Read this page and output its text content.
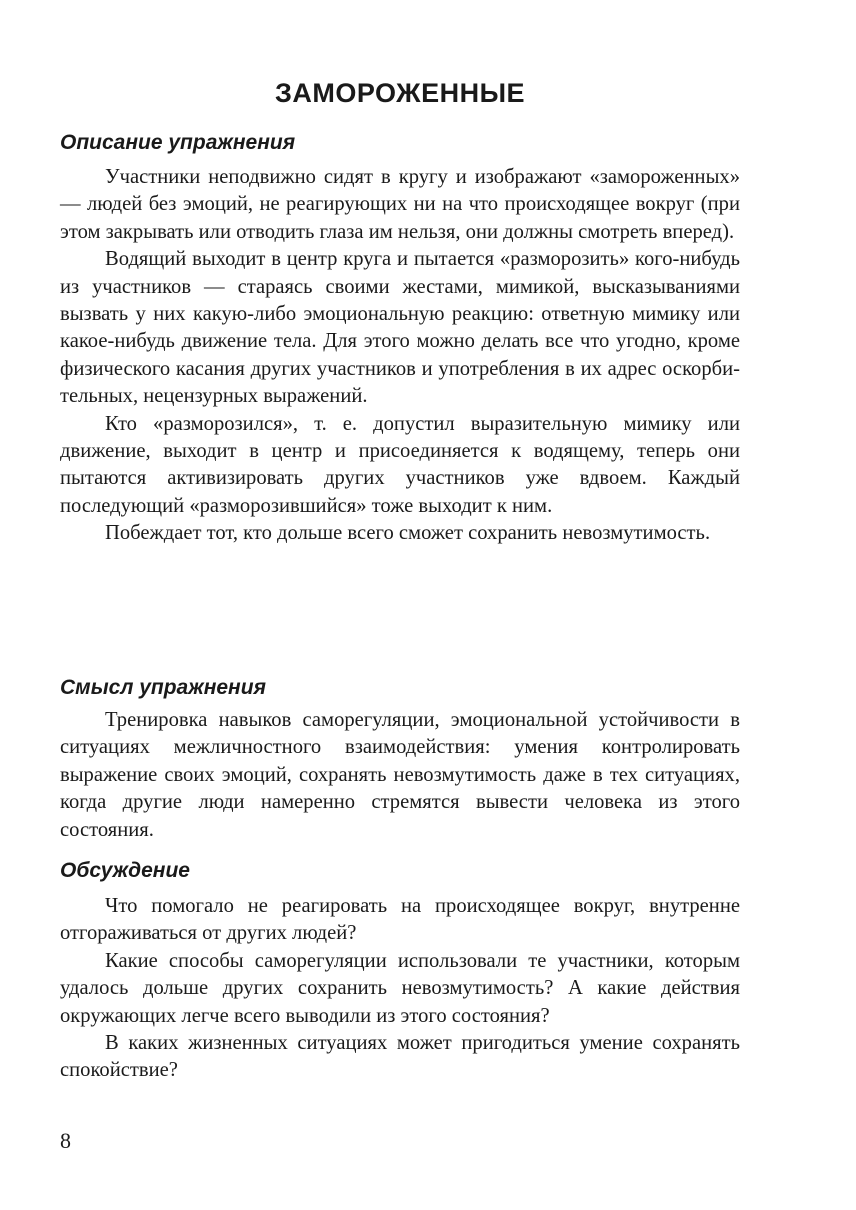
ЗАМОРОЖЕННЫЕ
Описание упражнения

Участники неподвижно сидят в кругу и изображают «замороженных» — людей без эмоций, не реагирующих ни на что происходящее вокруг (при этом закрывать или отводить глаза им нельзя, они должны смотреть вперед).

Водящий выходит в центр круга и пытается «разморозить» кого-нибудь из участников — стараясь своими жестами, мимикой, высказываниями вызвать у них какую-либо эмоциональную реакцию: ответную мимику или какое-нибудь движение тела. Для этого можно делать все что угодно, кроме физического касания других участников и употребления в их адрес оскорбительных, нецензурных выражений.

Кто «разморозился», т. е. допустил выразительную мимику или движение, выходит в центр и присоединяется к водящему, теперь они пытаются активизировать других участников уже вдвоем. Каждый последующий «разморозившийся» тоже выходит к ним.

Побеждает тот, кто дольше всего сможет сохранить невозмутимость.

Смысл упражнения

Тренировка навыков саморегуляции, эмоциональной устойчивости в ситуациях межличностного взаимодействия: умения контролировать выражение своих эмоций, сохранять невозмутимость даже в тех ситуациях, когда другие люди намеренно стремятся вывести человека из этого состояния.

Обсуждение

Что помогало не реагировать на происходящее вокруг, внутренне отгораживаться от других людей?

Какие способы саморегуляции использовали те участники, которым удалось дольше других сохранить невозмутимость? А какие действия окружающих легче всего выводили из этого состояния?

В каких жизненных ситуациях может пригодиться умение сохранять спокойствие?

8
